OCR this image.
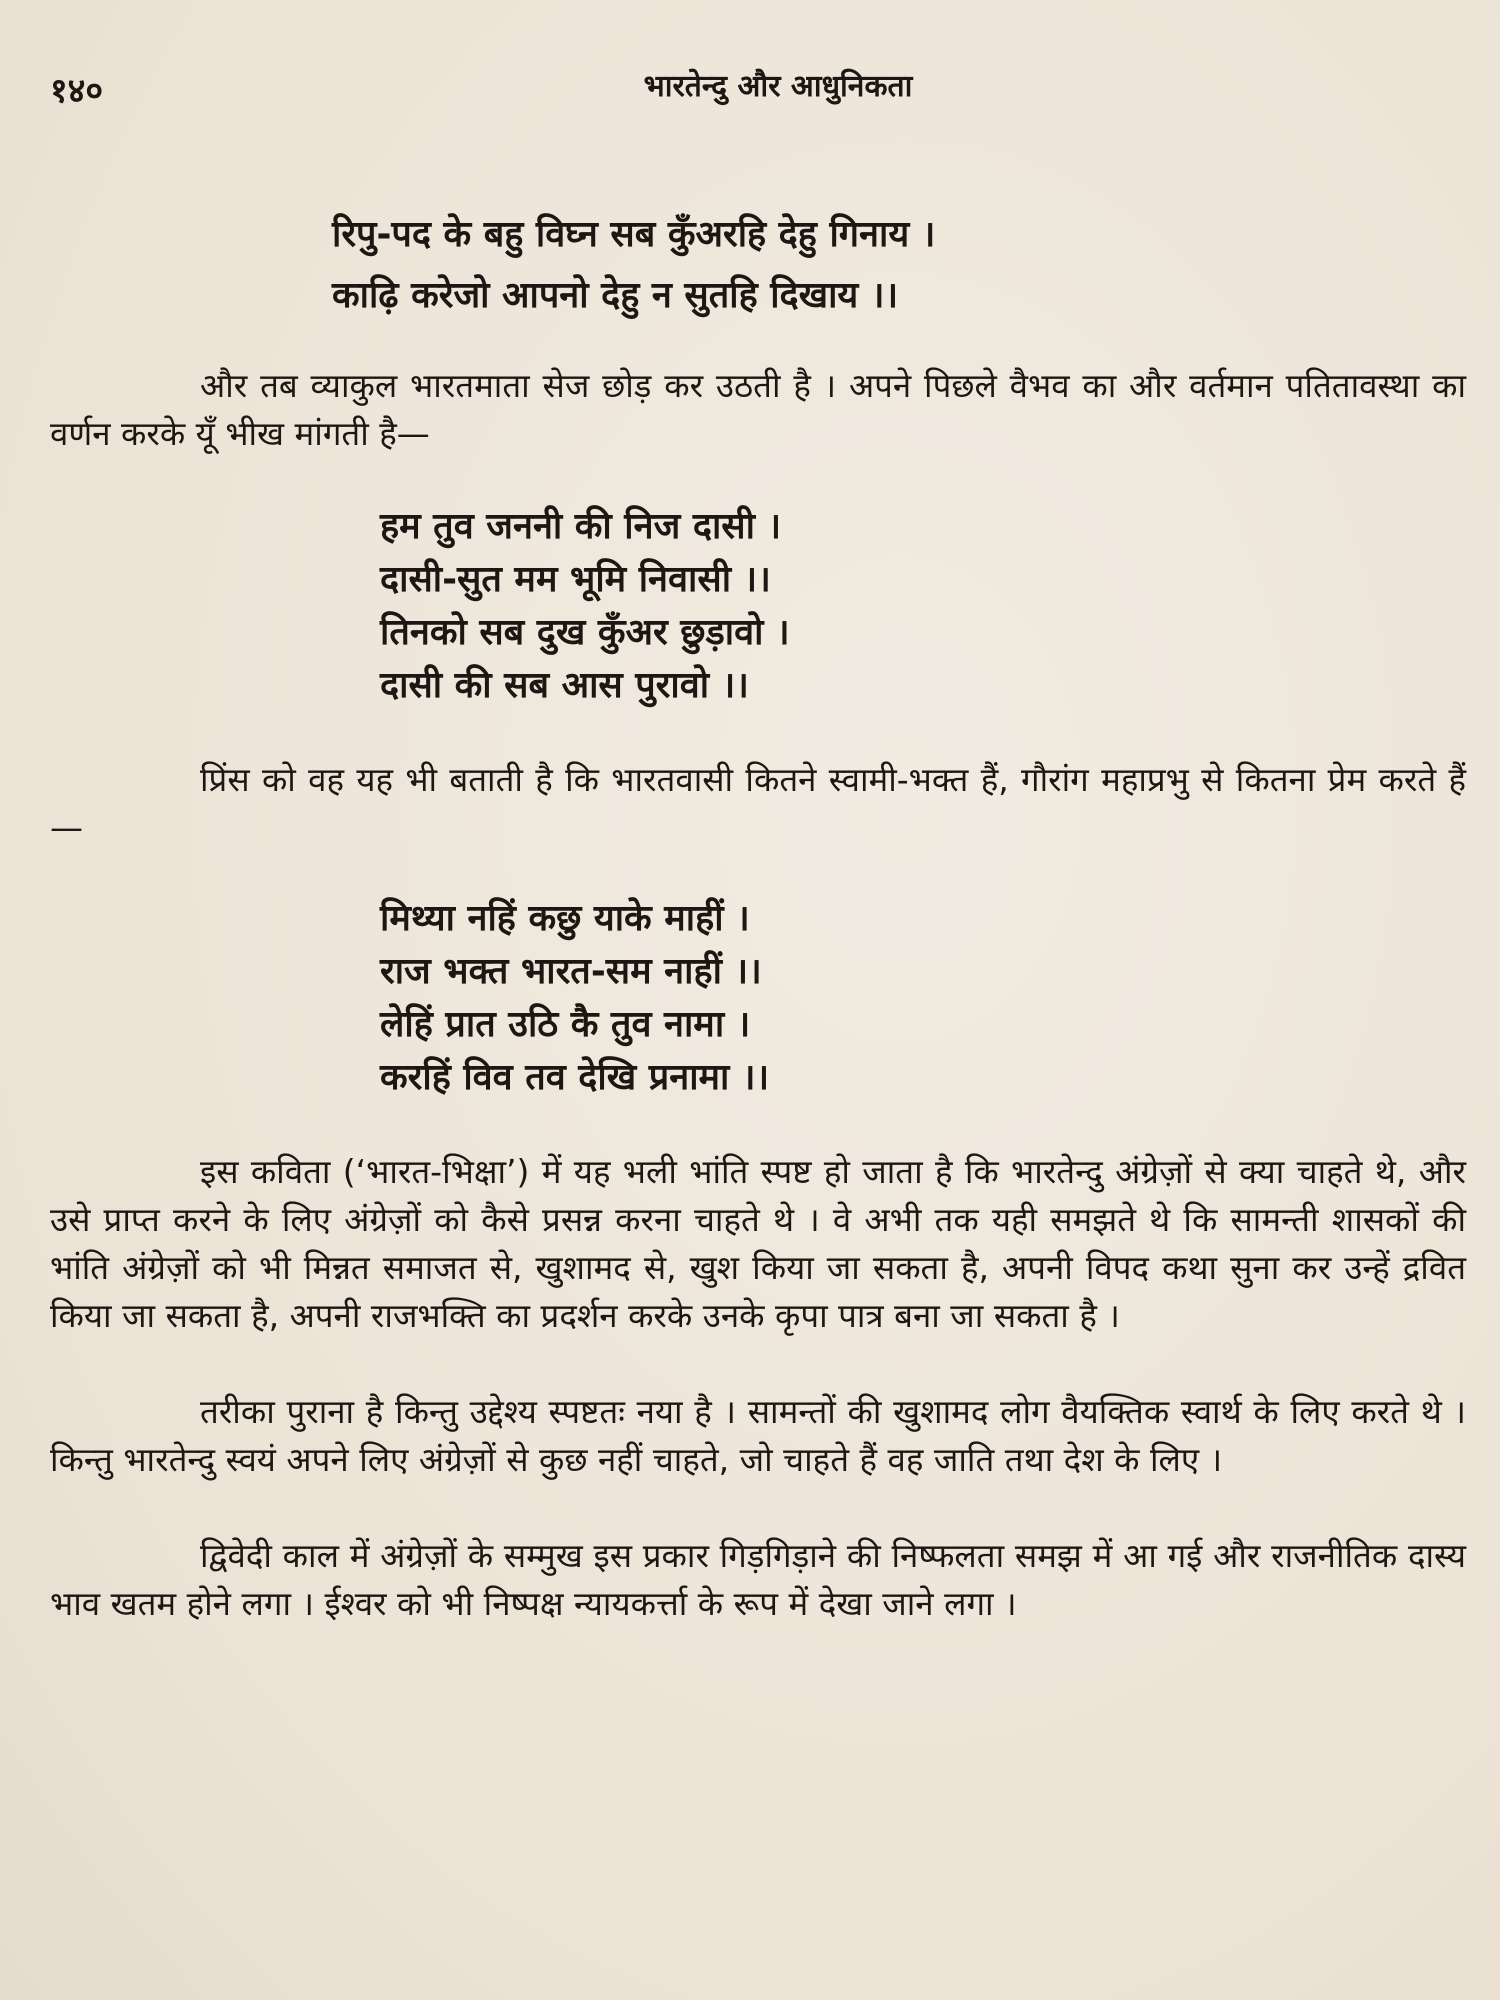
१४०	भारतेन्दु और आधुनिकता
रिपु-पद के बहु विघ्न सब कुँअरहि देहु गिनाय ।
काढ़ि करेजो आपनो देहु न सुतहि दिखाय ।।

और तब व्याकुल भारतमाता सेज छोड़ कर उठती है । अपने पिछले वैभव का और वर्तमान पतितावस्था का वर्णन करके यूँ भीख मांगती है—

हम तुव जननी की निज दासी ।
दासी-सुत मम भूमि निवासी ।।
तिनको सब दुख कुँअर छुड़ावो ।
दासी की सब आस पुरावो ।।

प्रिंस को वह यह भी बताती है कि भारतवासी कितने स्वामी-भक्त हैं, गौरांग महाप्रभु से कितना प्रेम करते हैं—

मिथ्या नहिं कछु याके माहीं ।
राज भक्त भारत-सम नाहीं ।।
लेहिं प्रात उठि कै तुव नामा ।
करहिं विव तव देखि प्रनामा ।।

इस कविता (‘भारत-भिक्षा’) में यह भली भांति स्पष्ट हो जाता है कि भारतेन्दु अंग्रेज़ों से क्या चाहते थे, और उसे प्राप्त करने के लिए अंग्रेज़ों को कैसे प्रसन्न करना चाहते थे । वे अभी तक यही समझते थे कि सामन्ती शासकों की भांति अंग्रेज़ों को भी मिन्नत समाजत से, खुशामद से, खुश किया जा सकता है, अपनी विपद कथा सुना कर उन्हें द्रवित किया जा सकता है, अपनी राजभक्ति का प्रदर्शन करके उनके कृपा पात्र बना जा सकता है ।

तरीका पुराना है किन्तु उद्देश्य स्पष्टतः नया है । सामन्तों की खुशामद लोग वैयक्तिक स्वार्थ के लिए करते थे । किन्तु भारतेन्दु स्वयं अपने लिए अंग्रेज़ों से कुछ नहीं चाहते, जो चाहते हैं वह जाति तथा देश के लिए ।

द्विवेदी काल में अंग्रेज़ों के सम्मुख इस प्रकार गिड़गिड़ाने की निष्फलता समझ में आ गई और राजनीतिक दास्य भाव खतम होने लगा । ईश्वर को भी निष्पक्ष न्यायकर्त्ता के रूप में देखा जाने लगा ।
